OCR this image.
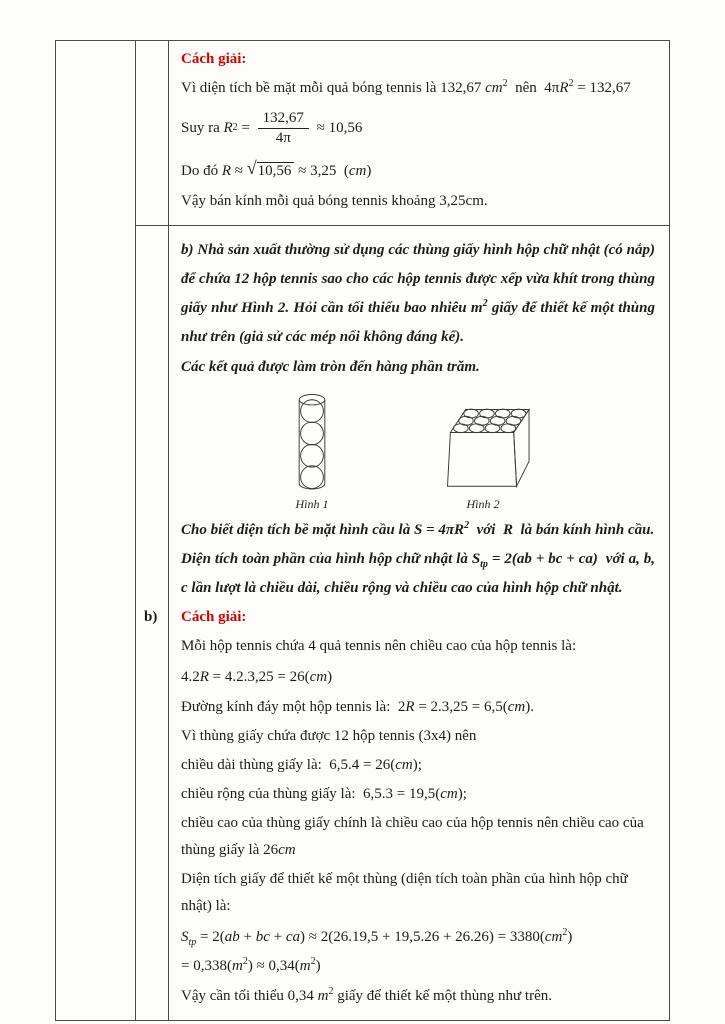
Cách giải:

Vì diện tích bề mặt mỗi quả bóng tennis là 132,67 $cm^2$  nên  $4\pi R^2 = 132,67$

Suy ra R $2 = \frac{132,67}{4\pi} \approx 10,56$

Do đó R ≈ √10,56 ≈ 3,25  (cm)

Vậy bán kính mỗi quả bóng tennis khoảng 3,25cm.

b) Nhà sản xuất thường sử dụng các thùng giấy hình hộp chữ nhật (có nắp) để chứa 12 hộp tennis sao cho các hộp tennis được xếp vừa khít trong thùng giấy như Hình 2. Hỏi cần tối thiểu bao nhiêu $m^2$ giấy để thiết kế một thùng như trên (giả sử các mép nối không đáng kể).

Các kết quả được làm tròn đến hàng phần trăm.

Hình 1	Hình 2

Cho biết diện tích bề mặt hình cầu là $S = 4\pi R^2$  với  R  là bán kính hình cầu.

Diện tích toàn phần của hình hộp chữ nhật là $S_{tp} = 2(ab$ + bc + ca)  với a, b, c lần lượt là chiều dài, chiều rộng và chiều cao của hình hộp chữ nhật.

b)	Cách giải:

Mỗi hộp tennis chứa 4 quả tennis nên chiều cao của hộp tennis là:

4.2R = 4.2.3,25 = 26(cm)

Đường kính đáy một hộp tennis là:  2R = 2.3,25 = 6,5(cm).

Vì thùng giấy chứa được 12 hộp tennis (3x4) nên

chiều dài thùng giấy là:  6,5.4 = 26(cm);

chiều rộng của thùng giấy là:  6,5.3 = 19,5(cm);

chiều cao của thùng giấy chính là chiều cao của hộp tennis nên chiều cao của thùng giấy là 26cm

Diện tích giấy để thiết kế một thùng (diện tích toàn phần của hình hộp chữ nhật) là:

$S_{tp} = 2(ab$ + bc + $ca) \approx 2(26.19,5 + 19,5.26 + 26.26) = 3380(cm^2)$

= $0,338(m^2) \approx 0,34(m^2)$

Vậy cần tối thiểu 0,34 $m^2$ giấy để thiết kế một thùng như trên.
